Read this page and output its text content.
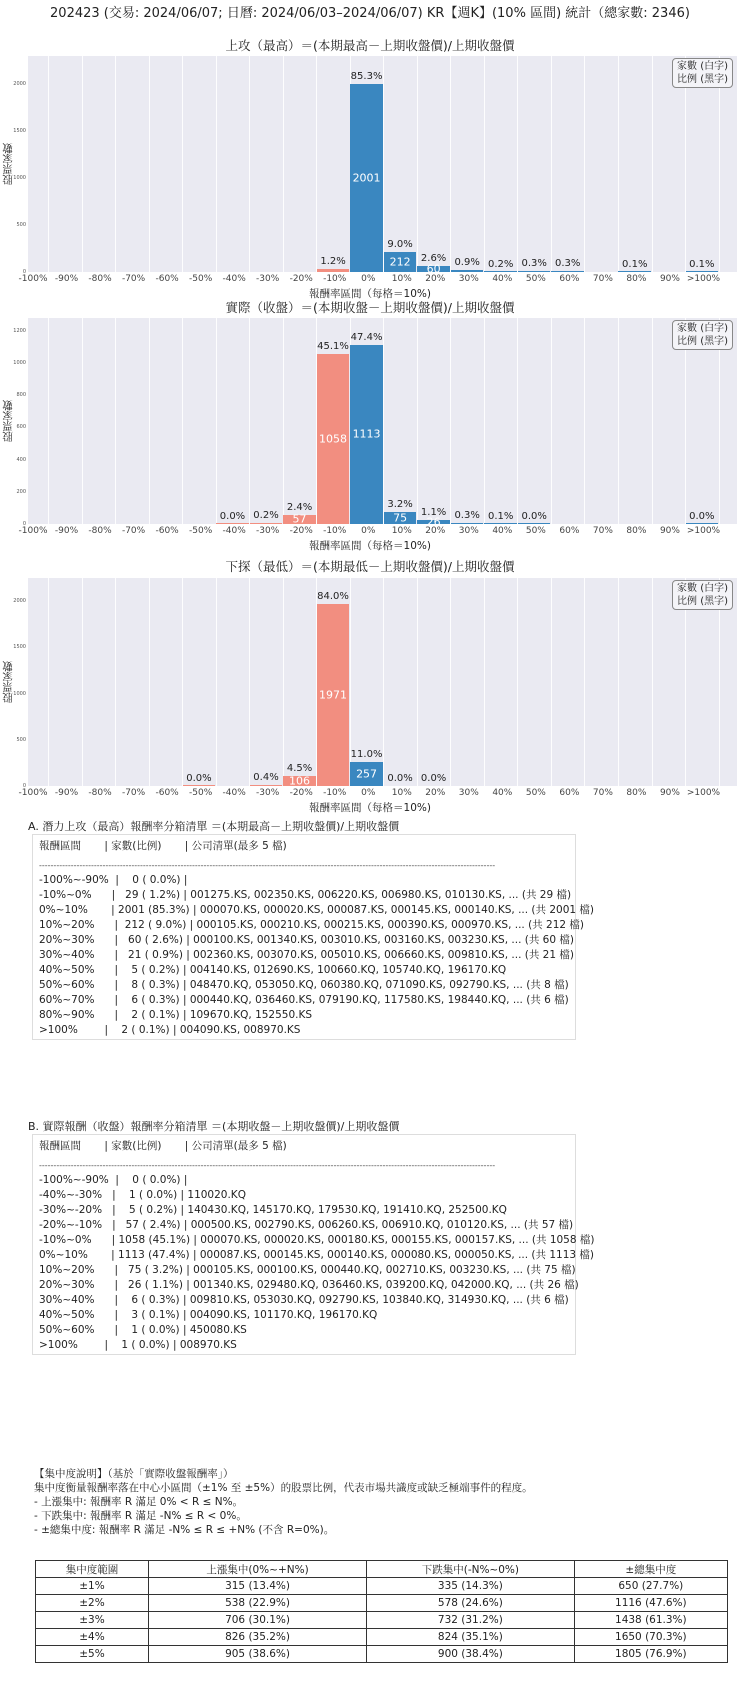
202423 (交易: 2024/06/07; 日曆: 2024/06/03–2024/06/07) KR【週K】(10% 區間) 統計（總家數: 2346)
上攻（最高）＝(本期最高－上期收盤價)/上期收盤價
1.2%
85.3%
2001
9.0%
212 2.6%
60
0.9% 0.2% 0.3% 0.3%	0.1%	0.1%
家數 (白字)
比例 (黑字)
0
500
1000
1500
2000
股票家數
-100% -90% -80% -70% -60% -50% -40% -30% -20% -10% 0% 10% 20% 30% 40% 50% 60% 70% 80% 90% >100%
報酬率區間（每格＝10%)
實際（收盤）＝(本期收盤－上期收盤價)/上期收盤價
0.0% 0.2%
2.4%
57
45.1%
1058
47.4%
1113
3.2%
75 1.1%
26 0.3% 0.1% 0.0%	0.0%
家數 (白字)
比例 (黑字)
0
200
400
600
800
1000
1200
股票家數
-100% -90% -80% -70% -60% -50% -40% -30% -20% -10% 0% 10% 20% 30% 40% 50% 60% 70% 80% 90% >100%
報酬率區間（每格＝10%)
下探（最低）＝(本期最低－上期收盤價)/上期收盤價
0.0%	0.4%
4.5%
106
84.0%
1971
11.0%
257 0.0% 0.0%
家數 (白字)
比例 (黑字)
0
500
1000
1500
2000
股票家數
-100% -90% -80% -70% -60% -50% -40% -30% -20% -10% 0% 10% 20% 30% 40% 50% 60% 70% 80% 90% >100%
報酬率區間（每格＝10%)
A. 潛力上攻（最高）報酬率分箱清單 ＝(本期最高－上期收盤價)/上期收盤價
報酬區間       | 家數(比例)       | 公司清單(最多 5 檔)
--------------------------------------------------------------------------------------------------------------------------------------------------------------
-100%~-90%  |    0 ( 0.0%) |
-10%~0%      |   29 ( 1.2%) | 001275.KS, 002350.KS, 006220.KS, 006980.KS, 010130.KS, ... (共 29 檔)
0%~10%       | 2001 (85.3%) | 000070.KS, 000020.KS, 000087.KS, 000145.KS, 000140.KS, ... (共 2001 檔)
10%~20%      |  212 ( 9.0%) | 000105.KS, 000210.KS, 000215.KS, 000390.KS, 000970.KS, ... (共 212 檔)
20%~30%      |   60 ( 2.6%) | 000100.KS, 001340.KS, 003010.KS, 003160.KS, 003230.KS, ... (共 60 檔)
30%~40%      |   21 ( 0.9%) | 002360.KS, 003070.KS, 005010.KS, 006660.KS, 009810.KS, ... (共 21 檔)
40%~50%      |    5 ( 0.2%) | 004140.KS, 012690.KS, 100660.KQ, 105740.KQ, 196170.KQ
50%~60%      |    8 ( 0.3%) | 048470.KQ, 053050.KQ, 060380.KQ, 071090.KS, 092790.KS, ... (共 8 檔)
60%~70%      |    6 ( 0.3%) | 000440.KQ, 036460.KS, 079190.KQ, 117580.KS, 198440.KQ, ... (共 6 檔)
80%~90%      |    2 ( 0.1%) | 109670.KQ, 152550.KS
>100%        |    2 ( 0.1%) | 004090.KS, 008970.KS
B. 實際報酬（收盤）報酬率分箱清單 ＝(本期收盤－上期收盤價)/上期收盤價
報酬區間       | 家數(比例)       | 公司清單(最多 5 檔)
--------------------------------------------------------------------------------------------------------------------------------------------------------------
-100%~-90%  |    0 ( 0.0%) |
-40%~-30%   |    1 ( 0.0%) | 110020.KQ
-30%~-20%   |    5 ( 0.2%) | 140430.KQ, 145170.KQ, 179530.KQ, 191410.KQ, 252500.KQ
-20%~-10%   |   57 ( 2.4%) | 000500.KS, 002790.KS, 006260.KS, 006910.KQ, 010120.KS, ... (共 57 檔)
-10%~0%      | 1058 (45.1%) | 000070.KS, 000020.KS, 000180.KS, 000155.KS, 000157.KS, ... (共 1058 檔)
0%~10%       | 1113 (47.4%) | 000087.KS, 000145.KS, 000140.KS, 000080.KS, 000050.KS, ... (共 1113 檔)
10%~20%      |   75 ( 3.2%) | 000105.KS, 000100.KS, 000440.KQ, 002710.KS, 003230.KS, ... (共 75 檔)
20%~30%      |   26 ( 1.1%) | 001340.KS, 029480.KQ, 036460.KS, 039200.KQ, 042000.KQ, ... (共 26 檔)
30%~40%      |    6 ( 0.3%) | 009810.KS, 053030.KQ, 092790.KS, 103840.KQ, 314930.KQ, ... (共 6 檔)
40%~50%      |    3 ( 0.1%) | 004090.KS, 101170.KQ, 196170.KQ
50%~60%      |    1 ( 0.0%) | 450080.KS
>100%        |    1 ( 0.0%) | 008970.KS
【集中度說明】（基於「實際收盤報酬率」）
集中度衡量報酬率落在中心小區間（±1% 至 ±5%）的股票比例，代表市場共識度或缺乏極端事件的程度。
- 上漲集中: 報酬率 R 滿足 0% < R ≤ N%。
- 下跌集中: 報酬率 R 滿足 -N% ≤ R < 0%。
- ±總集中度: 報酬率 R 滿足 -N% ≤ R ≤ +N% (不含 R=0%)。
集中度範圍	上漲集中(0%~+N%)	下跌集中(-N%~0%)	±總集中度
±1%	315 (13.4%)	335 (14.3%)	650 (27.7%)
±2%	538 (22.9%)	578 (24.6%)	1116 (47.6%)
±3%	706 (30.1%)	732 (31.2%)	1438 (61.3%)
±4%	826 (35.2%)	824 (35.1%)	1650 (70.3%)
±5%	905 (38.6%)	900 (38.4%)	1805 (76.9%)
